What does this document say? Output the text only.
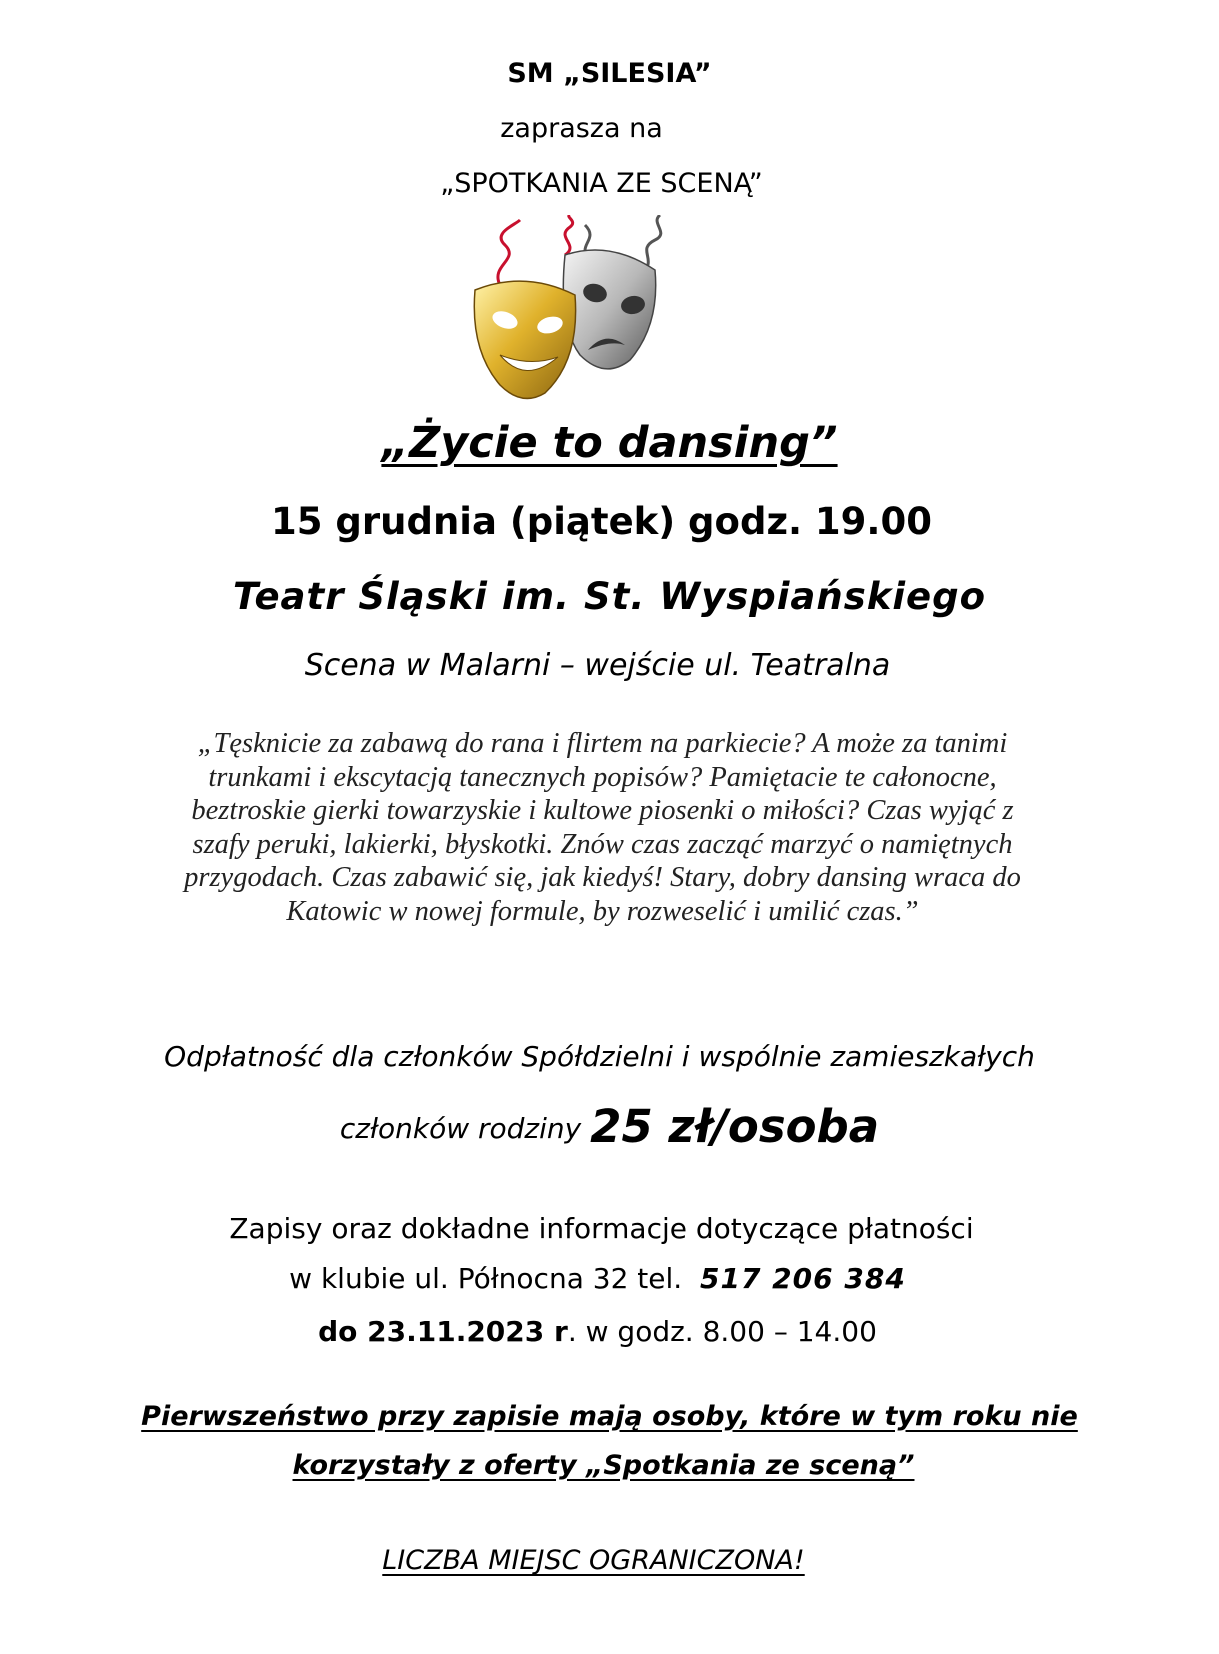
SM „SILESIA”
zaprasza na
„SPOTKANIA ZE SCENĄ”
„Życie to dansing”
15 grudnia (piątek) godz. 19.00
Teatr Śląski im. St. Wyspiańskiego
Scena w Malarni – wejście ul. Teatralna
„Tęsknicie za zabawą do rana i flirtem na parkiecie? A może za tanimi
trunkami i ekscytacją tanecznych popisów? Pamiętacie te całonocne,
beztroskie gierki towarzyskie i kultowe piosenki o miłości? Czas wyjąć z
szafy peruki, lakierki, błyskotki. Znów czas zacząć marzyć o namiętnych
przygodach. Czas zabawić się, jak kiedyś! Stary, dobry dansing wraca do
Katowic w nowej formule, by rozweselić i umilić czas.”
Odpłatność dla członków Spółdzielni i wspólnie zamieszkałych
członków rodziny 25 zł/osoba
Zapisy oraz dokładne informacje dotyczące płatności
w klubie ul. Północna 32 tel. 517 206 384
do 23.11.2023 r. w godz. 8.00 – 14.00
Pierwszeństwo przy zapisie mają osoby, które w tym roku nie
korzystały z oferty „Spotkania ze sceną”
LICZBA MIEJSC OGRANICZONA!
